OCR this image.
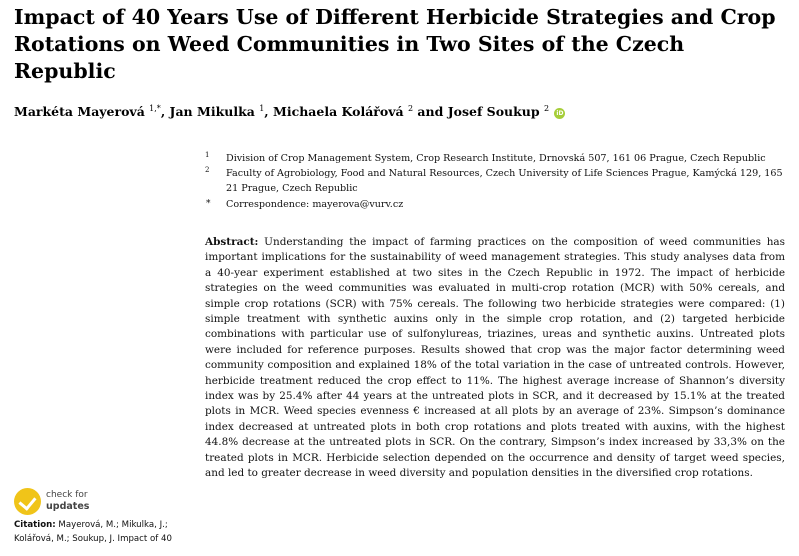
Impact of 40 Years Use of Different Herbicide Strategies and Crop Rotations on Weed Communities in Two Sites of the Czech Republic
Markéta Mayerová $^{1,*}$, Jan Mikulka $^1$, Michaela Kolářová $^2$ and Josef Soukup $^2$ iD
1 Division of Crop Management System, Crop Research Institute, Drnovská 507, 161 06 Prague, Czech Republic
2 Faculty of Agrobiology, Food and Natural Resources, Czech University of Life Sciences Prague, Kamýcká 129, 165 21 Prague, Czech Republic
* Correspondence: mayerova@vurv.cz
Abstract: Understanding the impact of farming practices on the composition of weed communities has important implications for the sustainability of weed management strategies. This study analyses data from a 40-year experiment established at two sites in the Czech Republic in 1972. The impact of herbicide strategies on the weed communities was evaluated in multi-crop rotation (MCR) with 50% cereals, and simple crop rotations (SCR) with 75% cereals. The following two herbicide strategies were compared: (1) simple treatment with synthetic auxins only in the simple crop rotation, and (2) targeted herbicide combinations with particular use of sulfonylureas, triazines, ureas and synthetic auxins. Untreated plots were included for reference purposes. Results showed that crop was the major factor determining weed community composition and explained 18% of the total variation in the case of untreated controls. However, herbicide treatment reduced the crop effect to 11%. The highest average increase of Shannon’s diversity index was by 25.4% after 44 years at the untreated plots in SCR, and it decreased by 15.1% at the treated plots in MCR. Weed species evenness € increased at all plots by an average of 23%. Simpson’s dominance index decreased at untreated plots in both crop rotations and plots treated with auxins, with the highest 44.8% decrease at the untreated plots in SCR. On the contrary, Simpson’s index increased by 33,3% on the treated plots in MCR. Herbicide selection depended on the occurrence and density of target weed species, and led to greater decrease in weed diversity and population densities in the diversified crop rotations.
check for
updates
Citation: Mayerová, M.; Mikulka, J.; Kolářová, M.; Soukup, J. Impact of 40
